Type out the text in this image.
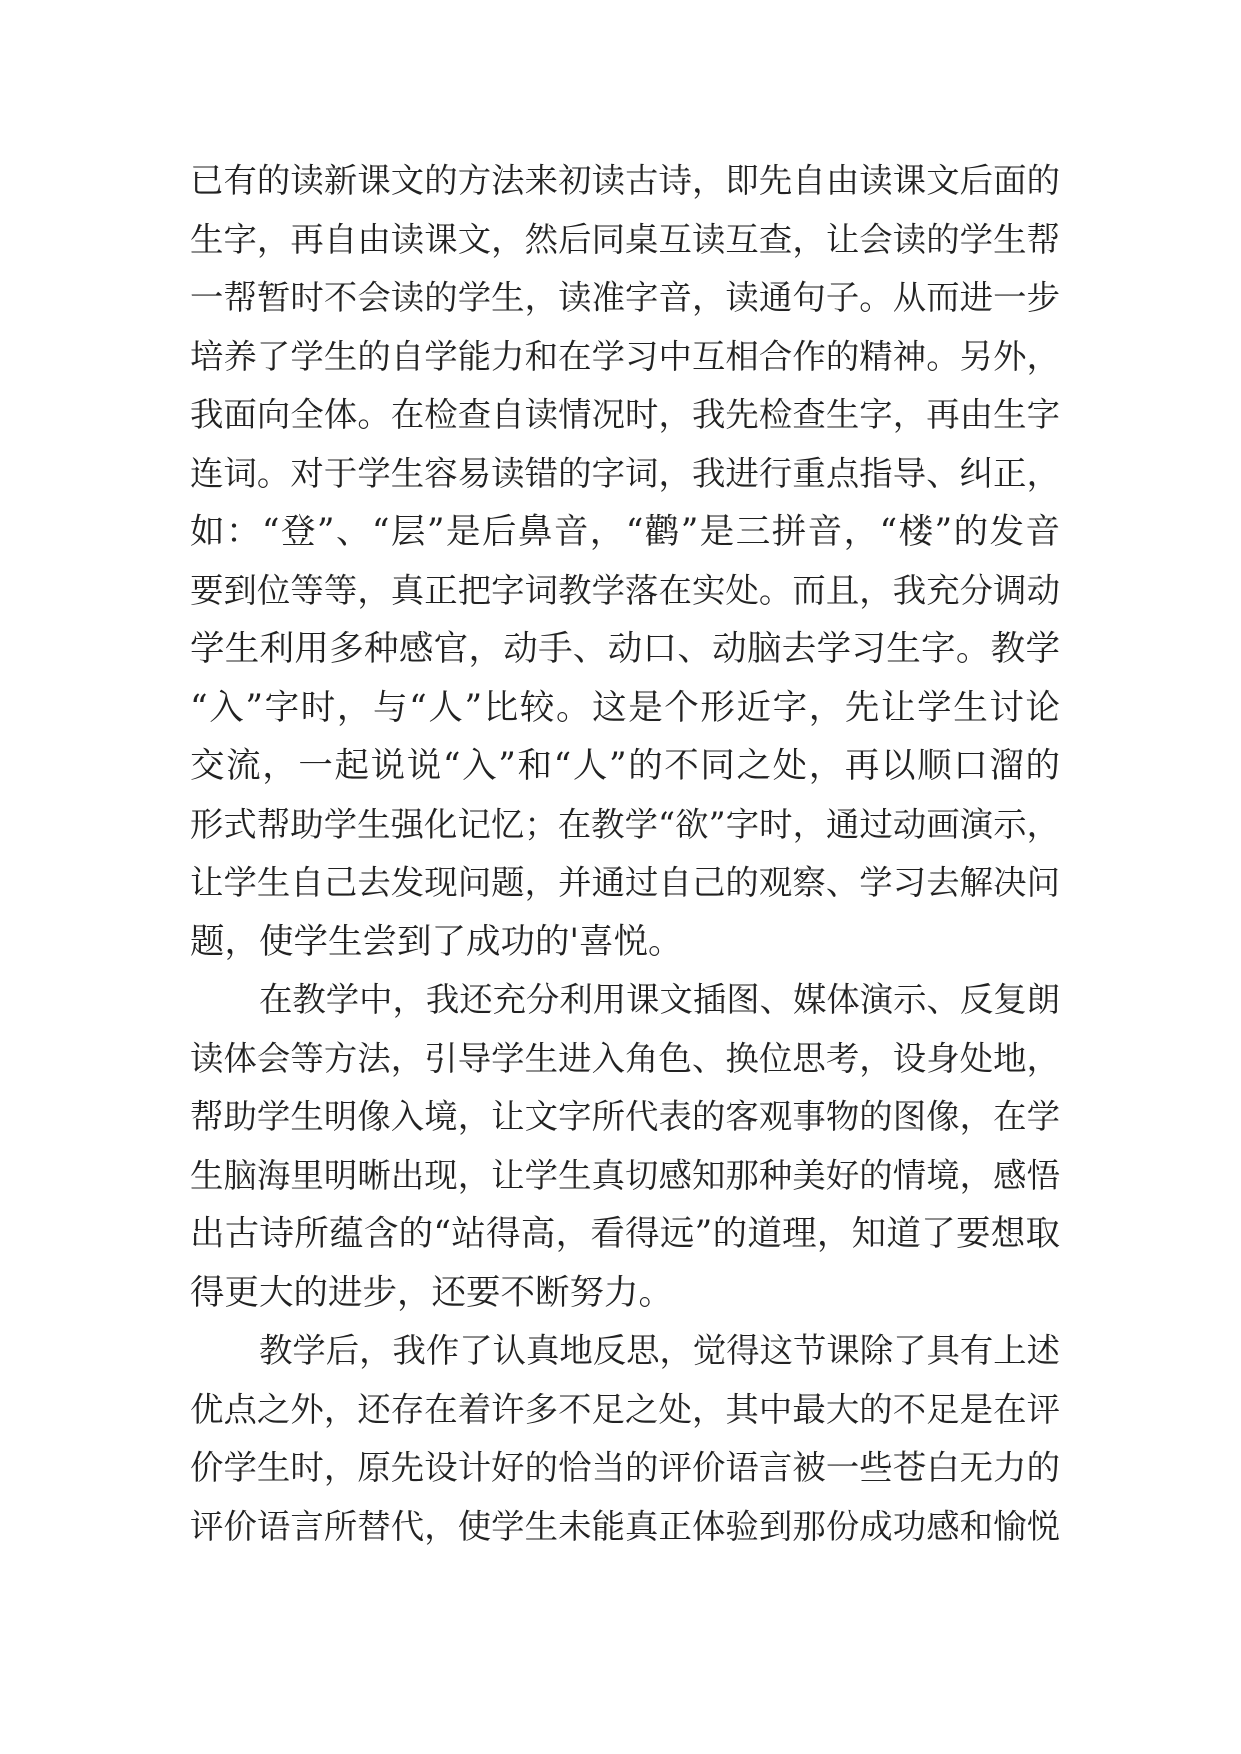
已有的读新课文的方法来初读古诗，即先自由读课文后面的
生字，再自由读课文，然后同桌互读互查，让会读的学生帮
一帮暂时不会读的学生，读准字音，读通句子。从而进一步
培养了学生的自学能力和在学习中互相合作的精神。另外，
我面向全体。在检查自读情况时，我先检查生字，再由生字
连词。对于学生容易读错的字词，我进行重点指导、纠正，
如：“登”、“层”是后鼻音，“鹳”是三拼音，“楼”的发音
要到位等等，真正把字词教学落在实处。而且，我充分调动
学生利用多种感官，动手、动口、动脑去学习生字。教学
“入”字时，与“人”比较。这是个形近字，先让学生讨论
交流，一起说说“入”和“人”的不同之处，再以顺口溜的
形式帮助学生强化记忆；在教学“欲”字时，通过动画演示，
让学生自己去发现问题，并通过自己的观察、学习去解决问
题，使学生尝到了成功的'喜悦。
在教学中，我还充分利用课文插图、媒体演示、反复朗
读体会等方法，引导学生进入角色、换位思考，设身处地，
帮助学生明像入境，让文字所代表的客观事物的图像，在学
生脑海里明晰出现，让学生真切感知那种美好的情境，感悟
出古诗所蕴含的“站得高，看得远”的道理，知道了要想取
得更大的进步，还要不断努力。
教学后，我作了认真地反思，觉得这节课除了具有上述
优点之外，还存在着许多不足之处，其中最大的不足是在评
价学生时，原先设计好的恰当的评价语言被一些苍白无力的
评价语言所替代，使学生未能真正体验到那份成功感和愉悦
